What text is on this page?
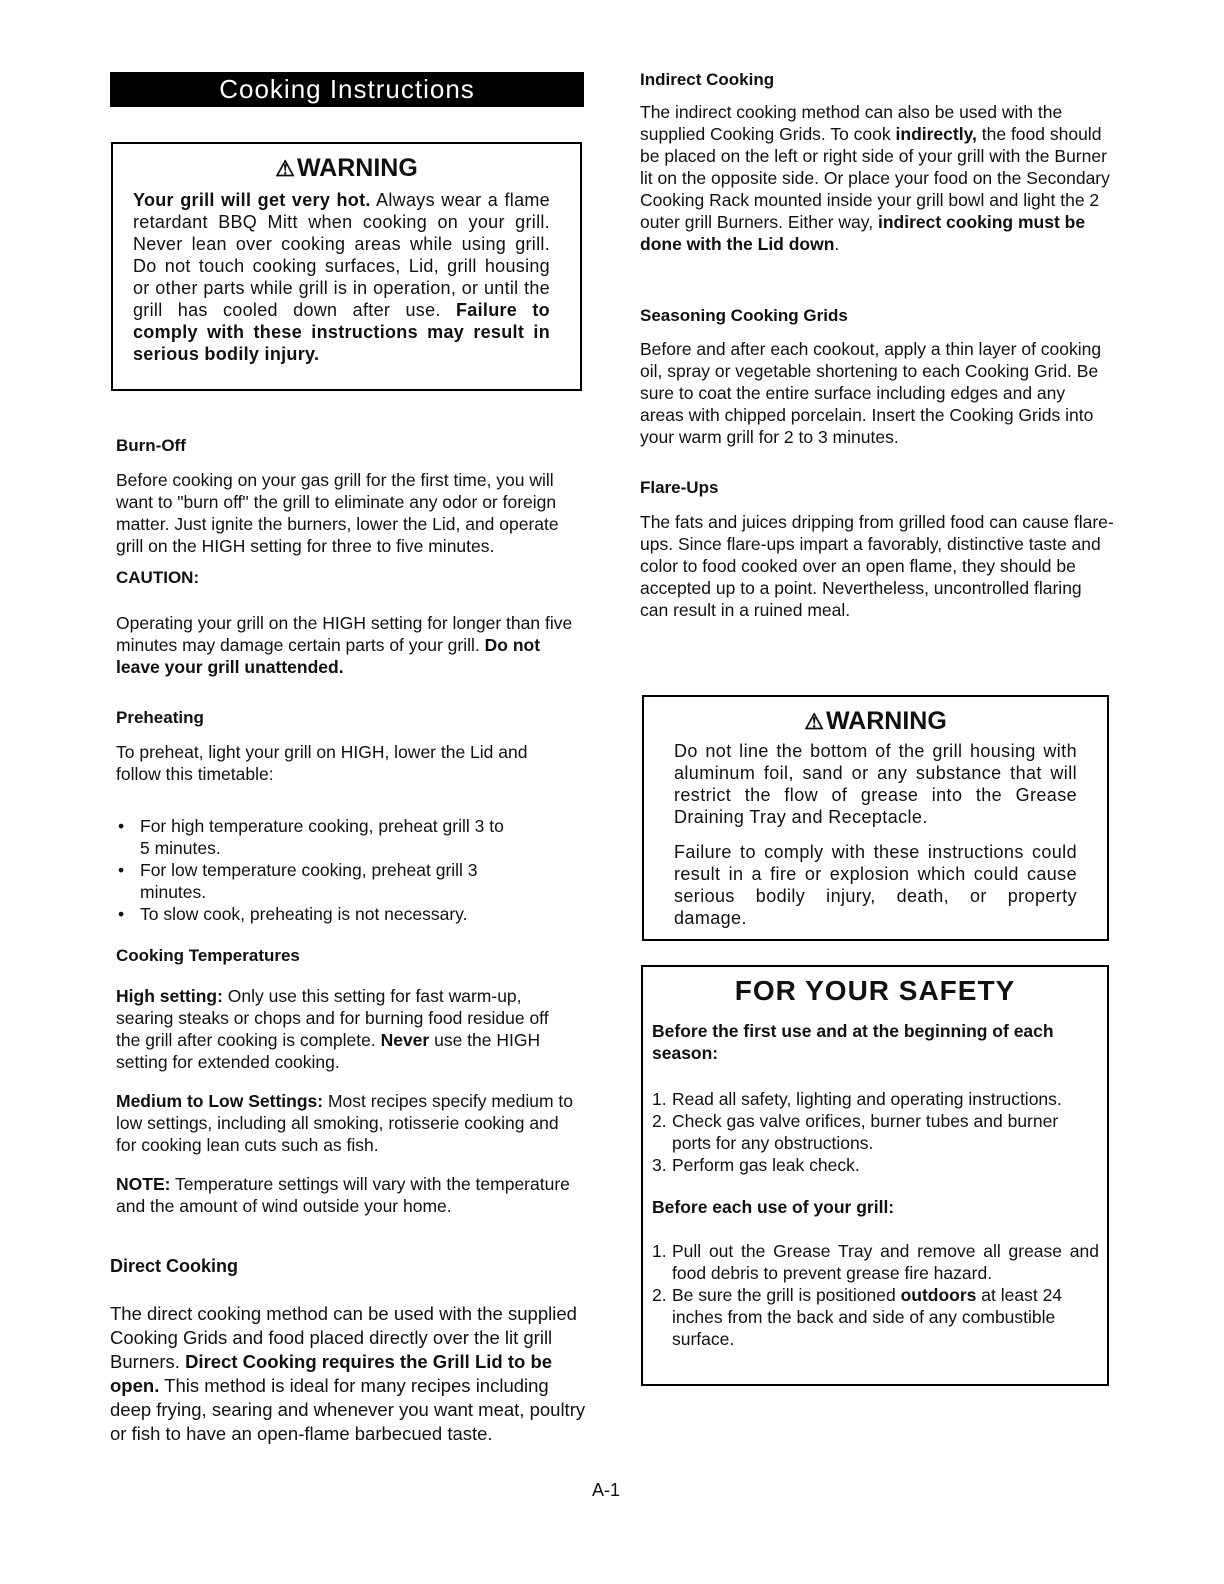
Cooking Instructions
⚠WARNING
Your grill will get very hot. Always wear a flame retardant BBQ Mitt when cooking on your grill. Never lean over cooking areas while using grill. Do not touch cooking surfaces, Lid, grill housing or other parts while grill is in operation, or until the grill has cooled down after use. Failure to comply with these instructions may result in serious bodily injury.
Burn-Off
Before cooking on your gas grill for the first time, you will want to "burn off" the grill to eliminate any odor or foreign matter. Just ignite the burners, lower the Lid, and operate grill on the HIGH setting for three to five minutes.
CAUTION:
Operating your grill on the HIGH setting for longer than five minutes may damage certain parts of your grill. Do not leave your grill unattended.
Preheating
To preheat, light your grill on HIGH, lower the Lid and follow this timetable:
• For high temperature cooking, preheat grill 3 to 5 minutes.
• For low temperature cooking, preheat grill 3 minutes.
• To slow cook, preheating is not necessary.
Cooking Temperatures
High setting: Only use this setting for fast warm-up, searing steaks or chops and for burning food residue off the grill after cooking is complete. Never use the HIGH setting for extended cooking.
Medium to Low Settings: Most recipes specify medium to low settings, including all smoking, rotisserie cooking and for cooking lean cuts such as fish.
NOTE: Temperature settings will vary with the temperature and the amount of wind outside your home.
Direct Cooking
The direct cooking method can be used with the supplied Cooking Grids and food placed directly over the lit grill Burners. Direct Cooking requires the Grill Lid to be open. This method is ideal for many recipes including deep frying, searing and whenever you want meat, poultry or fish to have an open-flame barbecued taste.
A-1
Indirect Cooking
The indirect cooking method can also be used with the supplied Cooking Grids. To cook indirectly, the food should be placed on the left or right side of your grill with the Burner lit on the opposite side. Or place your food on the Secondary Cooking Rack mounted inside your grill bowl and light the 2 outer grill Burners. Either way, indirect cooking must be done with the Lid down.
Seasoning Cooking Grids
Before and after each cookout, apply a thin layer of cooking oil, spray or vegetable shortening to each Cooking Grid. Be sure to coat the entire surface including edges and any areas with chipped porcelain. Insert the Cooking Grids into your warm grill for 2 to 3 minutes.
Flare-Ups
The fats and juices dripping from grilled food can cause flare-ups. Since flare-ups impart a favorably, distinctive taste and color to food cooked over an open flame, they should be accepted up to a point. Nevertheless, uncontrolled flaring can result in a ruined meal.
⚠WARNING
Do not line the bottom of the grill housing with aluminum foil, sand or any substance that will restrict the flow of grease into the Grease Draining Tray and Receptacle.
Failure to comply with these instructions could result in a fire or explosion which could cause serious bodily injury, death, or property damage.
FOR YOUR SAFETY
Before the first use and at the beginning of each season:
1. Read all safety, lighting and operating instructions.
2. Check gas valve orifices, burner tubes and burner ports for any obstructions.
3. Perform gas leak check.
Before each use of your grill:
1. Pull out the Grease Tray and remove all grease and food debris to prevent grease fire hazard.
2. Be sure the grill is positioned outdoors at least 24 inches from the back and side of any combustible surface.
